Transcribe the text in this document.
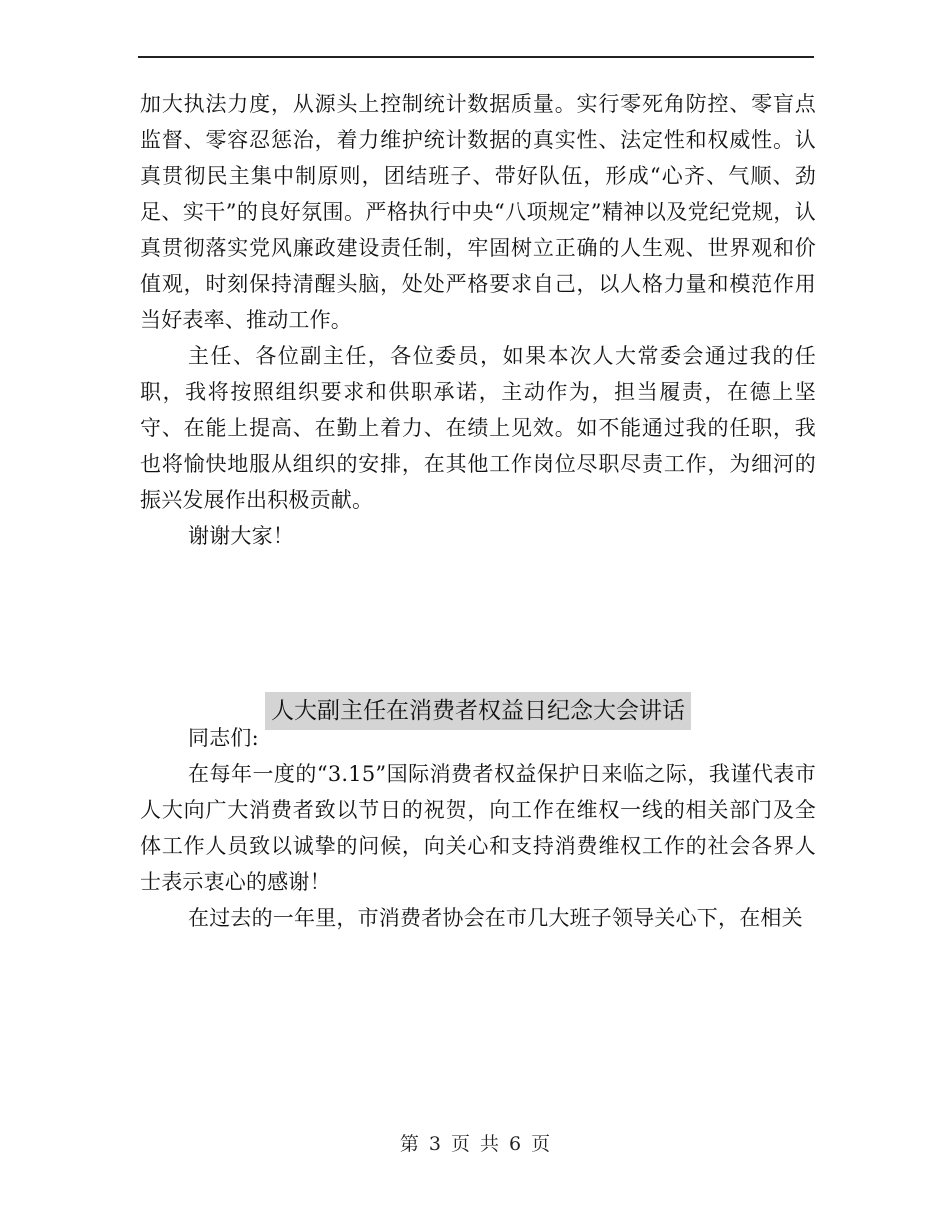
加大执法力度，从源头上控制统计数据质量。实行零死角防控、零盲点监督、零容忍惩治，着力维护统计数据的真实性、法定性和权威性。认真贯彻民主集中制原则，团结班子、带好队伍，形成“心齐、气顺、劲足、实干”的良好氛围。严格执行中央“八项规定”精神以及党纪党规，认真贯彻落实党风廉政建设责任制，牢固树立正确的人生观、世界观和价值观，时刻保持清醒头脑，处处严格要求自己，以人格力量和模范作用当好表率、推动工作。

主任、各位副主任，各位委员，如果本次人大常委会通过我的任职，我将按照组织要求和供职承诺，主动作为，担当履责，在德上坚守、在能上提高、在勤上着力、在绩上见效。如不能通过我的任职，我也将愉快地服从组织的安排，在其他工作岗位尽职尽责工作，为细河的振兴发展作出积极贡献。

谢谢大家！

人大副主任在消费者权益日纪念大会讲话

同志们:

在每年一度的“3.15”国际消费者权益保护日来临之际，我谨代表市人大向广大消费者致以节日的祝贺，向工作在维权一线的相关部门及全体工作人员致以诚挚的问候，向关心和支持消费维权工作的社会各界人士表示衷心的感谢！

在过去的一年里，市消费者协会在市几大班子领导关心下，在相关

第 3 页 共 6 页
